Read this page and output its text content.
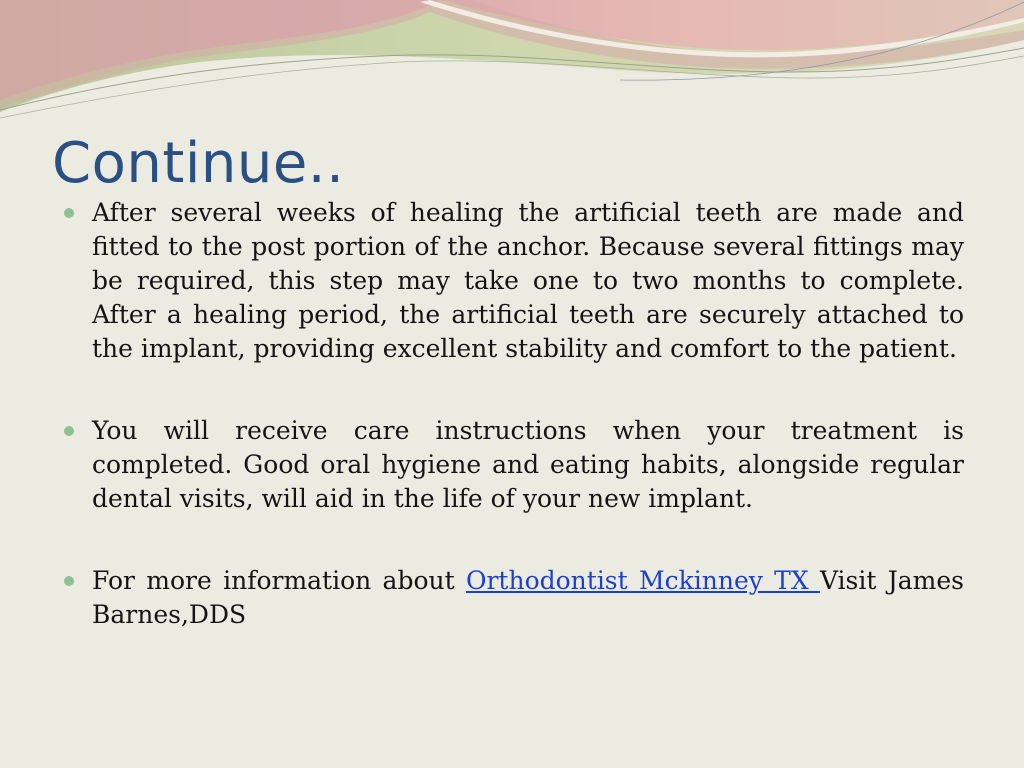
Continue..
After several weeks of healing the artificial teeth are made and fitted to the post portion of the anchor. Because several fittings may be required, this step may take one to two months to complete. After a healing period, the artificial teeth are securely attached to the implant, providing excellent stability and comfort to the patient.
You will receive care instructions when your treatment is completed. Good oral hygiene and eating habits, alongside regular dental visits, will aid in the life of your new implant.
For more information about Orthodontist Mckinney TX Visit James Barnes,DDS
